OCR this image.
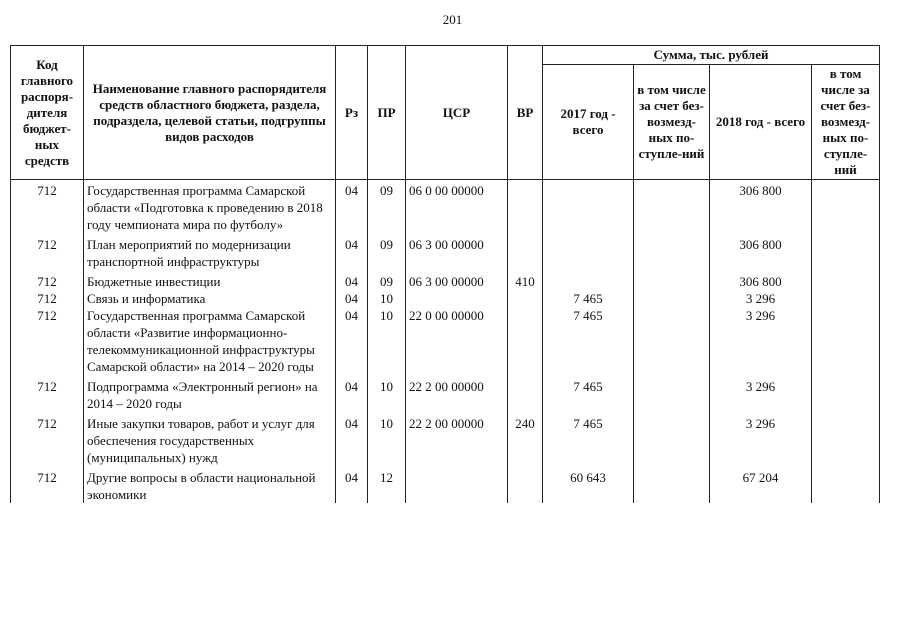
201
Код главного распоря-дителя бюджет-ных средств	Наименование главного распорядителя средств областного бюджета, раздела, подраздела, целевой статьи, подгруппы видов расходов	Рз	ПР	ЦСР	ВР	Сумма, тыс. рублей			
						2017 год - всего	в том числе за счет без-возмезд-ных по-ступле-ний	2018 год - всего	в том числе за счет без-возмезд-ных по-ступле-ний
712	Государственная программа Самарской области «Подготовка к проведению в 2018 году чемпионата мира по футболу»	04	09	06 0 00 00000				306 800	
712	План мероприятий по модернизации транспортной инфраструктуры	04	09	06 3 00 00000				306 800	
712	Бюджетные инвестиции	04	09	06 3 00 00000	410			306 800	
712	Связь и информатика	04	10			7 465		3 296	
712	Государственная программа Самарской области «Развитие информационно-телекоммуникационной инфраструктуры Самарской области» на 2014 – 2020 годы	04	10	22 0 00 00000		7 465		3 296	
712	Подпрограмма «Электронный регион» на 2014 – 2020 годы	04	10	22 2 00 00000		7 465		3 296	
712	Иные закупки товаров, работ и услуг для обеспечения государственных (муниципальных) нужд	04	10	22 2 00 00000	240	7 465		3 296	
712	Другие вопросы в области национальной экономики	04	12			60 643		67 204	
